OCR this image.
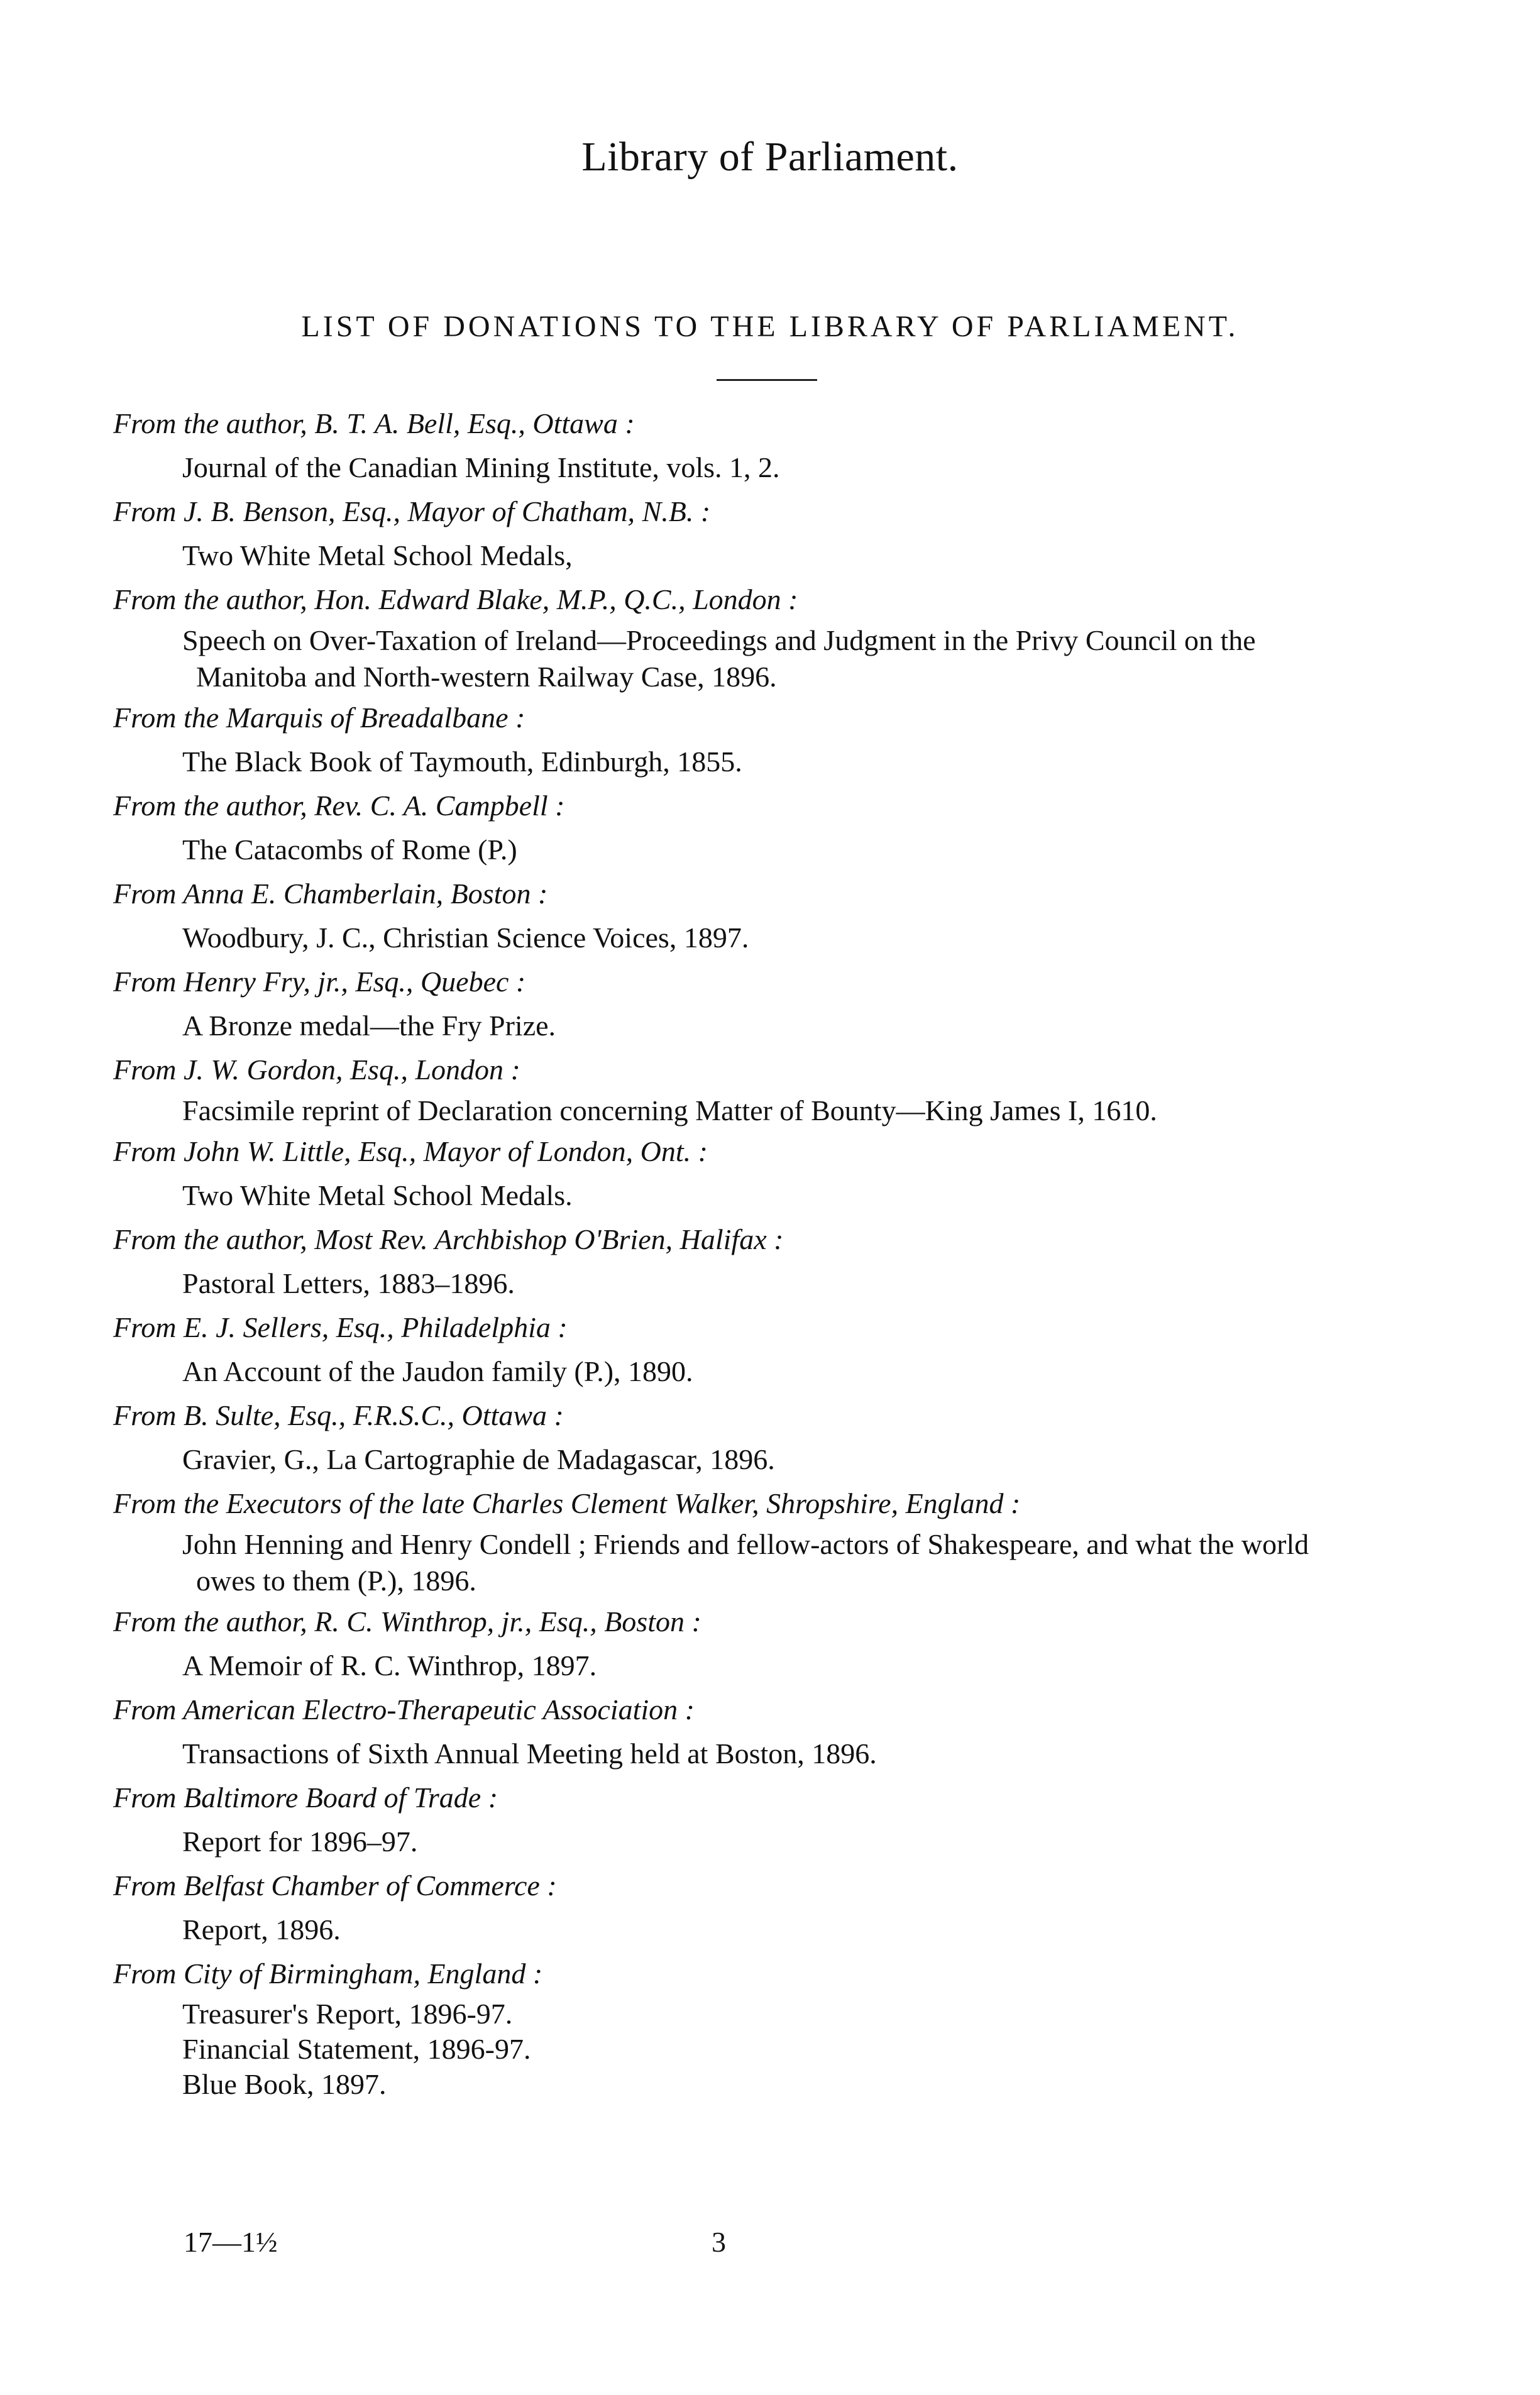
Library of Parliament.
LIST OF DONATIONS TO THE LIBRARY OF PARLIAMENT.
From the author, B. T. A. Bell, Esq., Ottawa :
Journal of the Canadian Mining Institute, vols. 1, 2.
From J. B. Benson, Esq., Mayor of Chatham, N.B. :
Two White Metal School Medals,
From the author, Hon. Edward Blake, M.P., Q.C., London :
Speech on Over-Taxation of Ireland—Proceedings and Judgment in the Privy Council on the Manitoba and North-western Railway Case, 1896.
From the Marquis of Breadalbane :
The Black Book of Taymouth, Edinburgh, 1855.
From the author, Rev. C. A. Campbell :
The Catacombs of Rome (P.)
From Anna E. Chamberlain, Boston :
Woodbury, J. C., Christian Science Voices, 1897.
From Henry Fry, jr., Esq., Quebec :
A Bronze medal—the Fry Prize.
From J. W. Gordon, Esq., London :
Facsimile reprint of Declaration concerning Matter of Bounty—King James I, 1610.
From John W. Little, Esq., Mayor of London, Ont. :
Two White Metal School Medals.
From the author, Most Rev. Archbishop O'Brien, Halifax :
Pastoral Letters, 1883–1896.
From E. J. Sellers, Esq., Philadelphia :
An Account of the Jaudon family (P.), 1890.
From B. Sulte, Esq., F.R.S.C., Ottawa :
Gravier, G., La Cartographie de Madagascar, 1896.
From the Executors of the late Charles Clement Walker, Shropshire, England :
John Henning and Henry Condell ; Friends and fellow-actors of Shakespeare, and what the world owes to them (P.), 1896.
From the author, R. C. Winthrop, jr., Esq., Boston :
A Memoir of R. C. Winthrop, 1897.
From American Electro-Therapeutic Association :
Transactions of Sixth Annual Meeting held at Boston, 1896.
From Baltimore Board of Trade :
Report for 1896–97.
From Belfast Chamber of Commerce :
Report, 1896.
From City of Birmingham, England :
Treasurer's Report, 1896-97.
Financial Statement, 1896-97.
Blue Book, 1897.
17—1½	3
